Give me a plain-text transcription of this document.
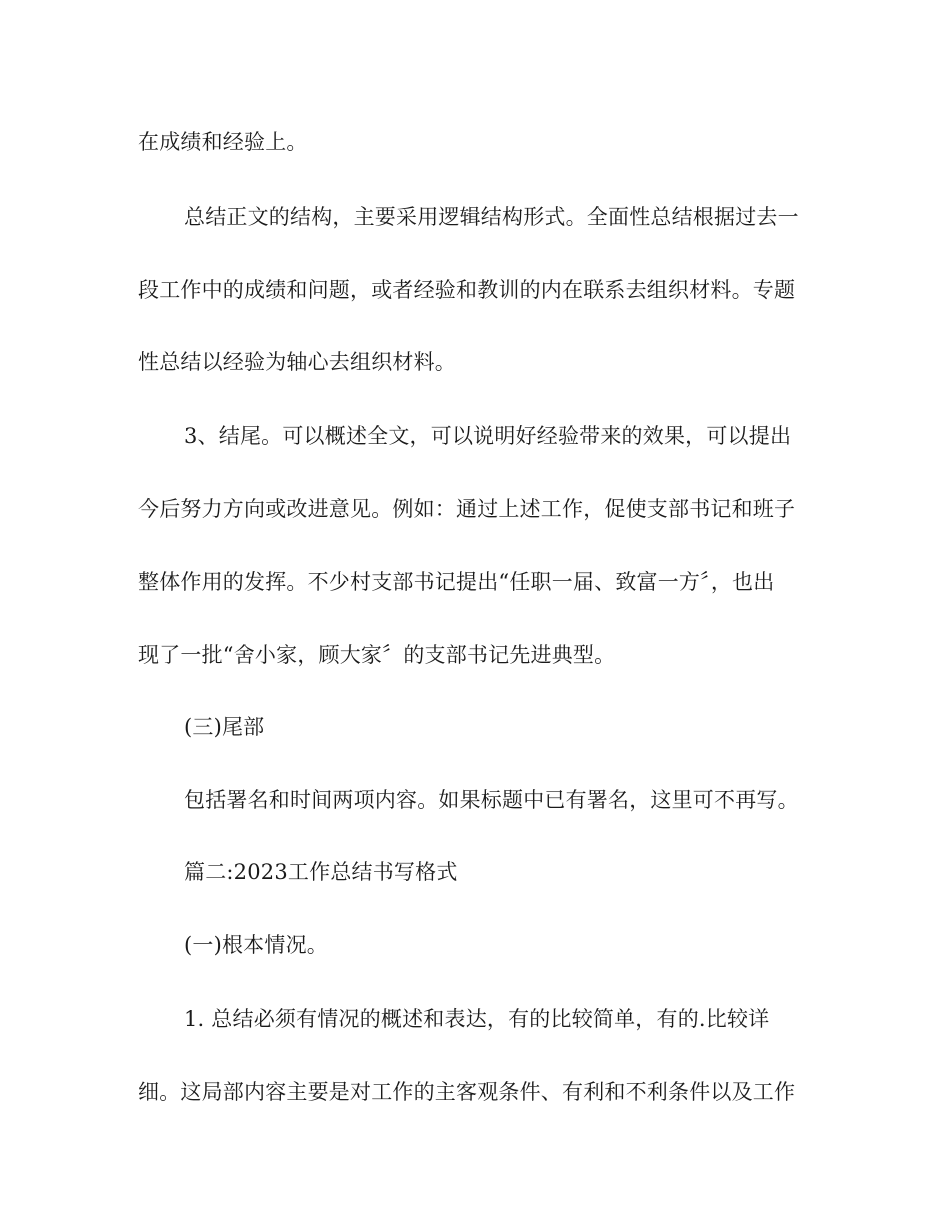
在成绩和经验上。
总结正文的结构，主要采用逻辑结构形式。全面性总结根据过去一
段工作中的成绩和问题，或者经验和教训的内在联系去组织材料。专题
性总结以经验为轴心去组织材料。
3、结尾。可以概述全文，可以说明好经验带来的效果，可以提出
今后努力方向或改进意见。例如：通过上述工作，促使支部书记和班子
整体作用的发挥。不少村支部书记提出“任职一届、致富一方〞，也出
现了一批“舍小家，顾大家〞的支部书记先进典型。
(三)尾部
包括署名和时间两项内容。如果标题中已有署名，这里可不再写。
篇二:2023工作总结书写格式
(一)根本情况。
1. 总结必须有情况的概述和表达，有的比较简单，有的.比较详
细。这局部内容主要是对工作的主客观条件、有利和不利条件以及工作
